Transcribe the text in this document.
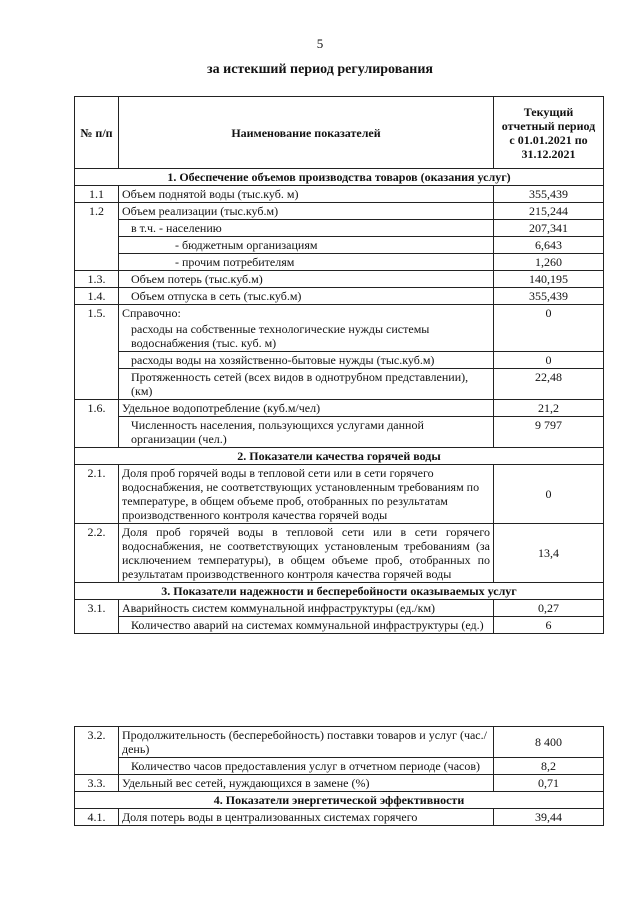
5
за истекший период регулирования
№ п/п	Наименование показателей	Текущий
отчетный период
с 01.01.2021 по
31.12.2021
1. Обеспечение объемов производства товаров (оказания услуг)		
1.1	Объем поднятой воды (тыс.куб. м)	355,439
1.2	Объем реализации (тыс.куб.м)	215,244
	в т.ч. - населению	207,341
	- бюджетным организациям	6,643
	- прочим потребителям	1,260
1.3.	Объем потерь (тыс.куб.м)	140,195
1.4.	Объем отпуска в сеть (тыс.куб.м)	355,439
1.5.	Справочно:	0
	расходы на собственные технологические нужды системы водоснабжения (тыс. куб. м)	
	расходы воды на хозяйственно-бытовые нужды (тыс.куб.м)	0
	Протяженность сетей (всех видов в однотрубном представлении), (км)	22,48
1.6.	Удельное водопотребление (куб.м/чел)	21,2
	Численность населения, пользующихся услугами данной организации (чел.)	9 797
2. Показатели качества горячей воды		
2.1.	Доля проб горячей воды в тепловой сети или в сети горячего водоснабжения, не соответствующих установленным требованиям по температуре, в общем объеме проб, отобранных по результатам производственного контроля качества горячей воды	0
2.2.	Доля проб горячей воды в тепловой сети или в сети горячего водоснабжения, не соответствующих установленым требованиям (за исключением температуры), в общем объеме проб, отобранных по результатам производственного контроля качества горячей воды	13,4
3. Показатели надежности и бесперебойности оказываемых услуг		
3.1.	Аварийность систем коммунальной инфраструктуры (ед./км)	0,27
	Количество аварий на системах коммунальной инфраструктуры (ед.)	6
3.2.	Продолжительность (бесперебойность) поставки товаров и услуг (час./день)	8 400
	Количество часов предоставления услуг в отчетном периоде (часов)	8,2
3.3.	Удельный вес сетей, нуждающихся в замене (%)	0,71
4. Показатели энергетической эффективности		
4.1.	Доля потерь воды в централизованных системах горячего	39,44
